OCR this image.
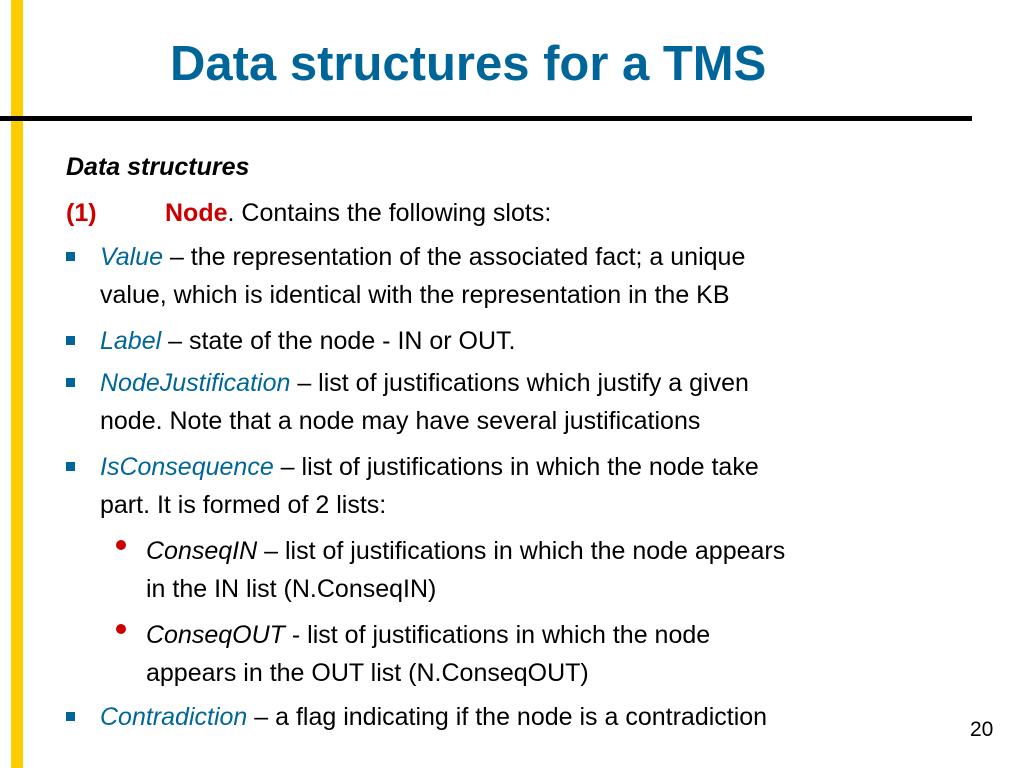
Data structures for a TMS
Data structures
(1)	Node. Contains the following slots:
Value – the representation of the associated fact; a unique
value, which is identical with the representation in the KB
Label – state of the node - IN or OUT.
NodeJustification – list of justifications which justify a given
node. Note that a node may have several justifications
IsConsequence – list of justifications in which the node take
part. It is formed of 2 lists:
ConseqIN – list of justifications in which the node appears
in the IN list (N.ConseqIN)
ConseqOUT - list of justifications in which the node
appears in the OUT list (N.ConseqOUT)
Contradiction – a flag indicating if the node is a contradiction	20
